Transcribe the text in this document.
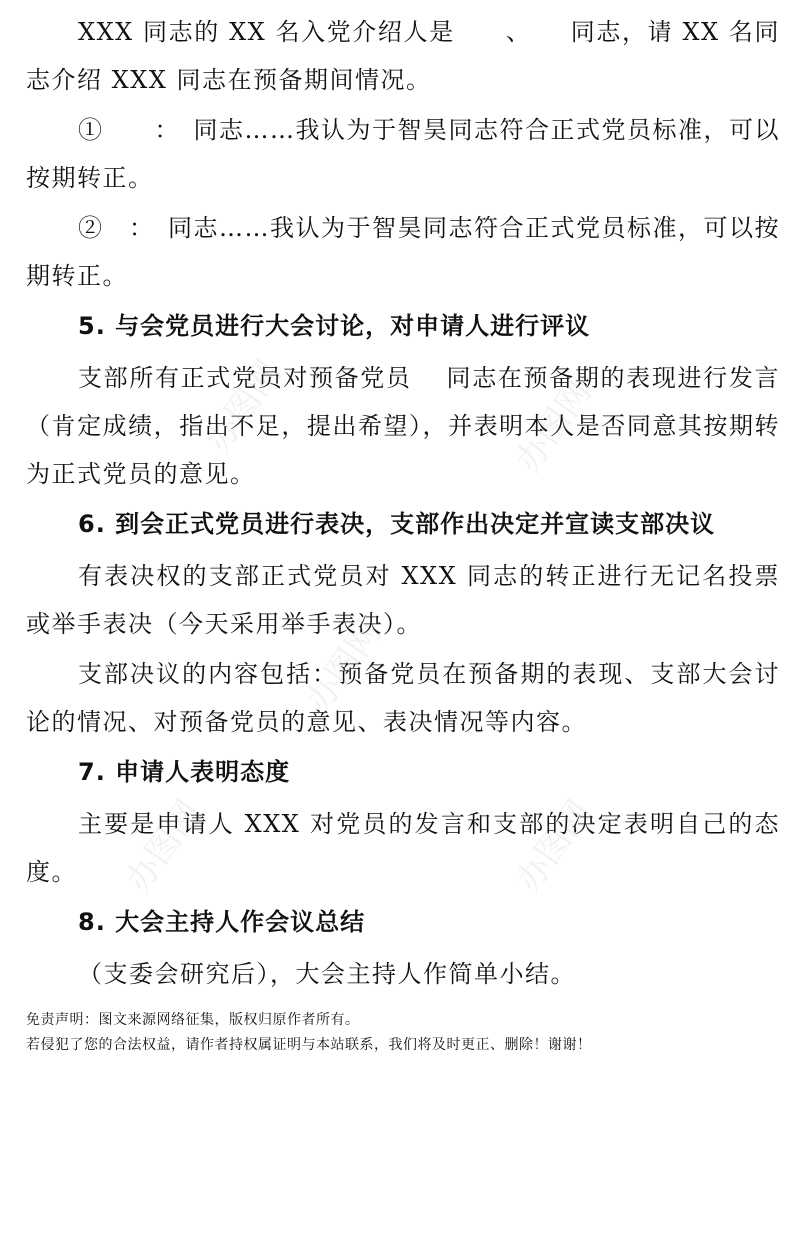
XXX 同志的 XX 名入党介绍人是　　、　　同志，请 XX 名同志介绍 XXX 同志在预备期间情况。

①　　：　同志……我认为于智昊同志符合正式党员标准，可以按期转正。

②　：　同志……我认为于智昊同志符合正式党员标准，可以按期转正。

5. 与会党员进行大会讨论，对申请人进行评议

支部所有正式党员对预备党员　 同志在预备期的表现进行发言（肯定成绩，指出不足，提出希望），并表明本人是否同意其按期转为正式党员的意见。

6. 到会正式党员进行表决，支部作出决定并宣读支部决议

有表决权的支部正式党员对 XXX 同志的转正进行无记名投票或举手表决（今天采用举手表决）。

支部决议的内容包括：预备党员在预备期的表现、支部大会讨论的情况、对预备党员的意见、表决情况等内容。

7. 申请人表明态度

主要是申请人 XXX 对党员的发言和支部的决定表明自己的态度。

8. 大会主持人作会议总结

（支委会研究后），大会主持人作简单小结。

免责声明：图文来源网络征集，版权归原作者所有。
若侵犯了您的合法权益，请作者持权属证明与本站联系，我们将及时更正、删除！谢谢！
办图网	办图网
办图网
办图网	办图网
